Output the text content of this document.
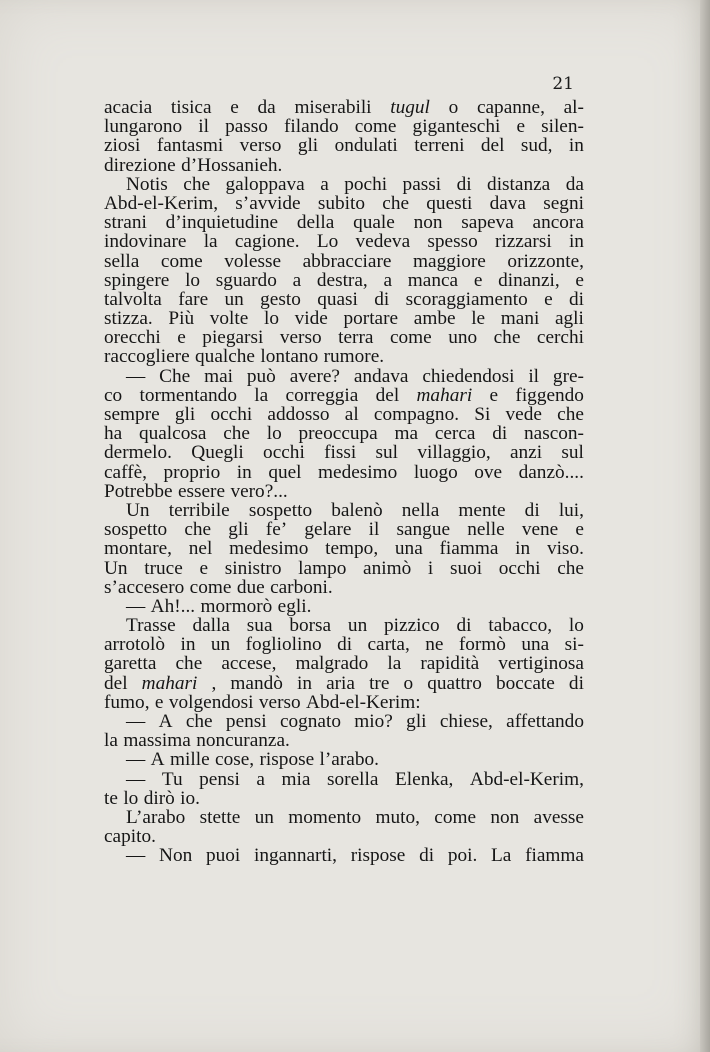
21
acacia tisica e da miserabili tugul o capanne, al-
lungarono il passo filando come giganteschi e silen-
ziosi fantasmi verso gli ondulati terreni del sud, in
direzione d’Hossanieh.
Notis che galoppava a pochi passi di distanza da
Abd-el-Kerim, s’avvide subito che questi dava segni
strani d’inquietudine della quale non sapeva ancora
indovinare la cagione. Lo vedeva spesso rizzarsi in
sella come volesse abbracciare maggiore orizzonte,
spingere lo sguardo a destra, a manca e dinanzi, e
talvolta fare un gesto quasi di scoraggiamento e di
stizza. Più volte lo vide portare ambe le mani agli
orecchi e piegarsi verso terra come uno che cerchi
raccogliere qualche lontano rumore.
— Che mai può avere? andava chiedendosi il gre-
co tormentando la correggia del mahari e figgendo
sempre gli occhi addosso al compagno. Si vede che
ha qualcosa che lo preoccupa ma cerca di nascon-
dermelo. Quegli occhi fissi sul villaggio, anzi sul
caffè, proprio in quel medesimo luogo ove danzò....
Potrebbe essere vero?...
Un terribile sospetto balenò nella mente di lui,
sospetto che gli fe’ gelare il sangue nelle vene e
montare, nel medesimo tempo, una fiamma in viso.
Un truce e sinistro lampo animò i suoi occhi che
s’accesero come due carboni.
— Ah!... mormorò egli.
Trasse dalla sua borsa un pizzico di tabacco, lo
arrotolò in un fogliolino di carta, ne formò una si-
garetta che accese, malgrado la rapidità vertiginosa
del mahari , mandò in aria tre o quattro boccate di
fumo, e volgendosi verso Abd-el-Kerim:
— A che pensi cognato mio? gli chiese, affettando
la massima noncuranza.
— A mille cose, rispose l’arabo.
— Tu pensi a mia sorella Elenka, Abd-el-Kerim,
te lo dirò io.
L’arabo stette un momento muto, come non avesse
capito.
— Non puoi ingannarti, rispose di poi. La fiamma
